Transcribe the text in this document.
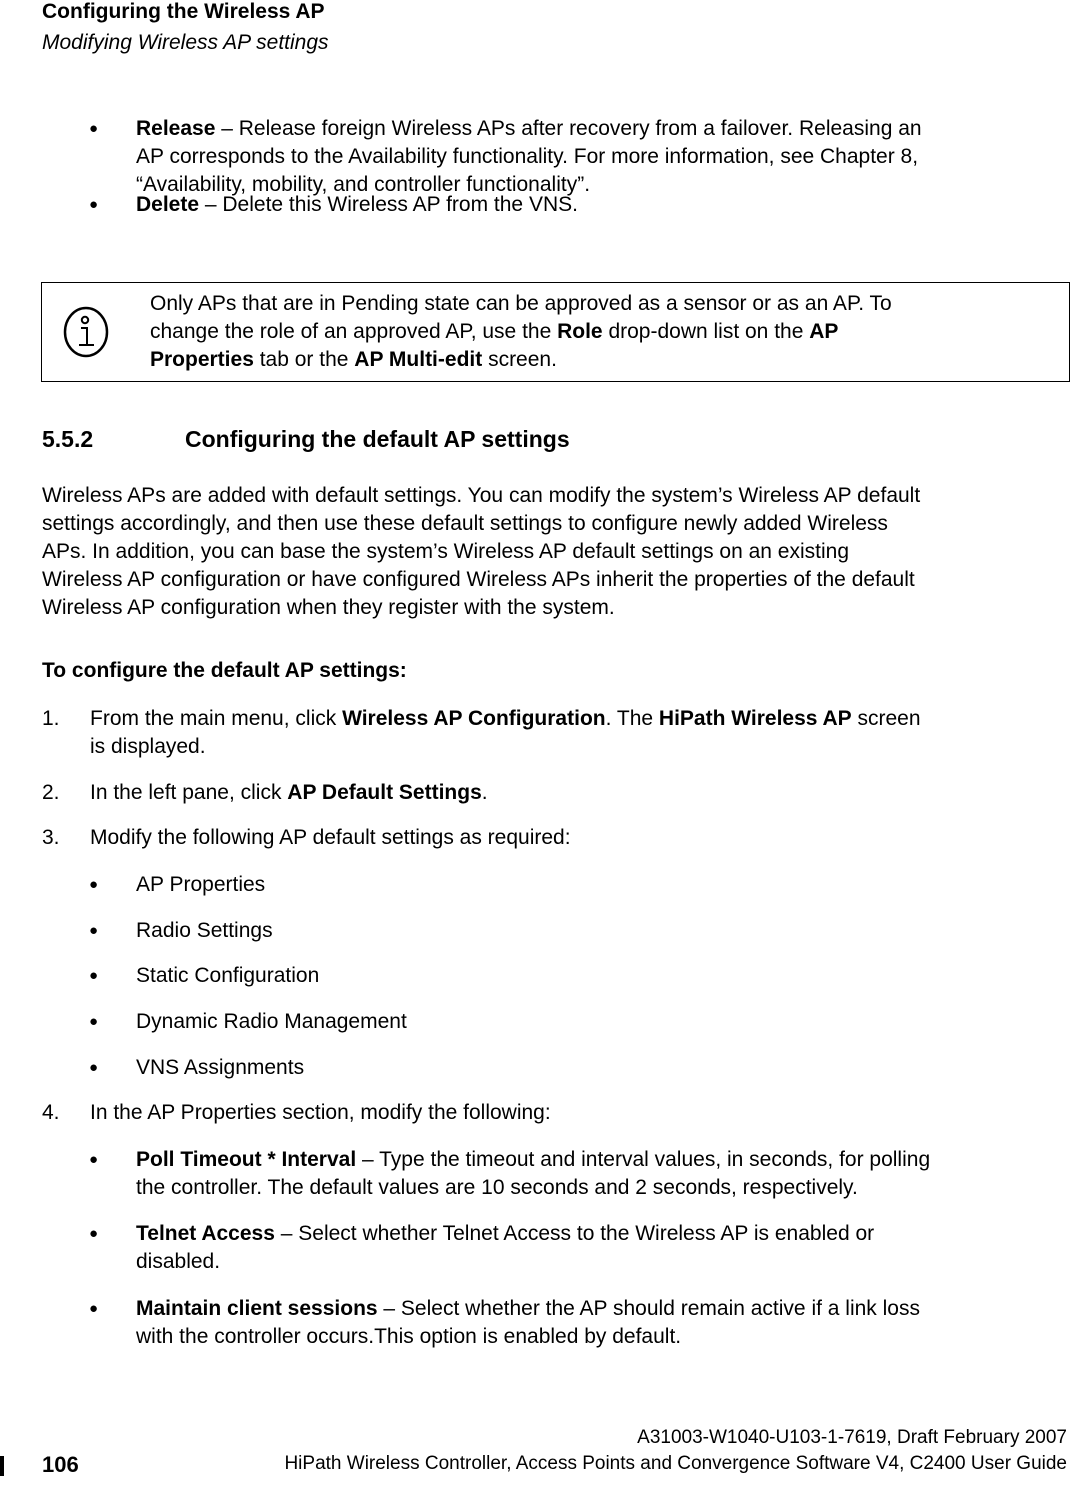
Configuring the Wireless AP
Modifying Wireless AP settings
● Release – Release foreign Wireless APs after recovery from a failover. Releasing an
AP corresponds to the Availability functionality. For more information, see Chapter 8,
“Availability, mobility, and controller functionality”.
● Delete – Delete this Wireless AP from the VNS.
Only APs that are in Pending state can be approved as a sensor or as an AP. To
change the role of an approved AP, use the Role drop-down list on the AP
Properties tab or the AP Multi-edit screen.
5.5.2	Configuring the default AP settings
Wireless APs are added with default settings. You can modify the system’s Wireless AP default
settings accordingly, and then use these default settings to configure newly added Wireless
APs. In addition, you can base the system’s Wireless AP default settings on an existing
Wireless AP configuration or have configured Wireless APs inherit the properties of the default
Wireless AP configuration when they register with the system.
To configure the default AP settings:
1. From the main menu, click Wireless AP Configuration. The HiPath Wireless AP screen
is displayed.
2. In the left pane, click AP Default Settings.
3. Modify the following AP default settings as required:
● AP Properties
● Radio Settings
● Static Configuration
● Dynamic Radio Management
● VNS Assignments
4. In the AP Properties section, modify the following:
● Poll Timeout * Interval – Type the timeout and interval values, in seconds, for polling
the controller. The default values are 10 seconds and 2 seconds, respectively.
● Telnet Access – Select whether Telnet Access to the Wireless AP is enabled or
disabled.
● Maintain client sessions – Select whether the AP should remain active if a link loss
with the controller occurs.This option is enabled by default.
106
A31003-W1040-U103-1-7619, Draft February 2007
HiPath Wireless Controller, Access Points and Convergence Software V4, C2400 User Guide
